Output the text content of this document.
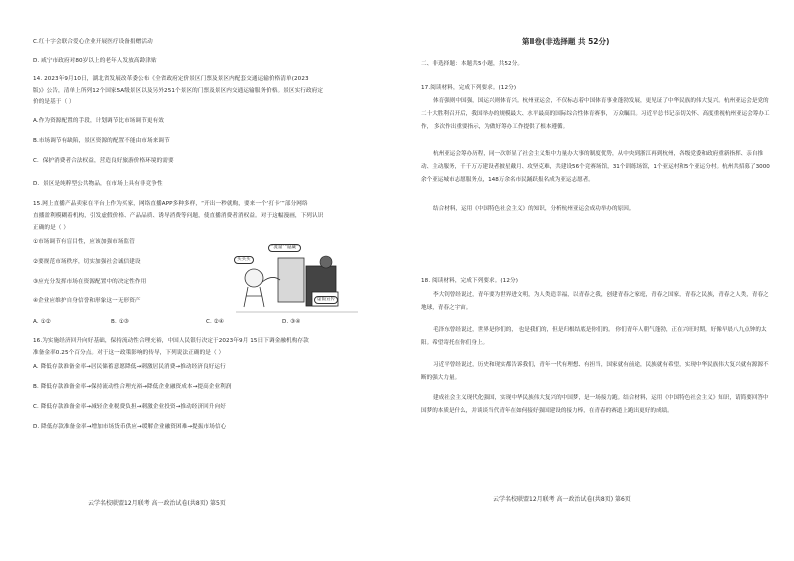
C.红十字会联合爱心企业开展医疗设备捐赠活动
D. 咸宁市政府对80岁以上的老年人发放高龄津贴
14. 2023年9月10日，湖北省发展改革委公布《全省政府定价景区门票及景区内配套交通运输价格清单(2023
版)》公告，清单上所列12个国家5A级景区以及另外251个景区的门票及景区内交通运输服务价格。景区实行政府定
价的是基于（ ）
A.作为资源配置的手段，计划调节比市场调节更有效
B.市场调节有缺陷，景区资源的配置不能由市场来调节
C．保护消费者合法权益，营造良好旅游价格环境的需要
D．景区是纯粹型公共物品，在市场上具有非竞争性
15.网上直播产品卖家在平台上作为买家，网络直播APP多种多样，“开出一秒就购，要来一个‘打卡’”部分网络
直播盈利模糊着机构，引发虚假价格、产品品质、诱导消费等问题，使直播消费者消权益。对于这幅漫画，下列认识
正确的是（ ）
①市场调节有盲目性，应该加强市场监管
②要规范市场秩序，切实加强社会诚信建设
③应充分发挥市场在资源配置中的决定性作用
④企业应维护自身信誉和形象这一无形资产
买买买
“流量”“隐藏”
虚假宣传
A. ①②	B. ①③	C. ②④	D. ③④
16.为实施经济回升向好基础，保持流动性合理充裕，中国人民银行决定于2023年9月 15日下调金融机构存款
准备金率0.25个百分点。对于这一政策影响的传导，下列说法正确的是（ ）
A. 降低存款准备金率→居民储蓄意愿降低→刺激居民消费→推动经济良好运行
B. 降低存款准备金率→保持流动性合理充裕→降低企业融资成本→提高企业利润
C. 降低存款准备金率→减轻企业税费负担→刺激企业投资→推动经济回升向好
D. 降低存款准备金率→增加市场货币供应→缓解企业融资困难→提振市场信心
云学名校联盟12月联考 高一政治试卷(共8页) 第5页
第Ⅱ卷(非选择题 共 52分)
二、非选择题：本题共5小题，共52分。
17.阅读材料，完成下列要求。(12分)
体育强则中国强，国运兴则体育兴。杭州亚运会，不仅标志着中国体育事业蓬勃发展，更见证了中华民族的伟大复兴。杭州亚运会是党的二十大胜利召开后，我国举办的规模最大、水平最高的国际综合性体育赛事， 万众瞩目。习近平总书记亲切关怀、高度重视杭州亚运会筹办工作， 多次作出重要指示，为做好筹办工作提供了根本遵循。
杭州亚运会筹办历程，同一次彰显了社会主义集中力量办大事的制度优势，从中央到浙江再到杭州，各级党委和政府重新指挥、亲自推动、主动服务，千千万万建设者披星戴月、攻坚克难，共建设56个竞赛场馆，31个训练场馆，1个亚运村和5个亚运分村。杭州共招募了3000余个亚运城市志愿服务点，148万余名市民踊跃报名成为亚运志愿者。
结合材料，运用《中国特色社会主义》的知识，分析杭州亚运会成功举办的原因。
18. 阅读材料，完成下列要求。(12分)
李大钊曾经说过，青年要为世界进文明，为人类造幸福，以青春之我，创建青春之家庭，青春之国家，青春之民族，青春之人类，青春之地球，青春之宇宙。
毛泽东曾经说过，世界是你们的， 也是我们的，但是归根结底是你们的。 你们青年人朝气蓬勃，正在兴旺时期，好像早晨八九点钟的太阳。希望寄托在你们身上。
习近平曾经说过，历史和现实都告诉我们，青年一代有理想、有担当，国家就有前途，民族就有希望，实现中华民族伟大复兴就有源源不断的强大力量。
建成社会主义现代化强国，实现中华民族伟大复兴的中国梦，是一场接力跑。结合材料，运用《中国特色社会主义》知识，请简要回答中国梦的本质是什么，并谈谈当代青年在如何接好强国建设的接力棒，在青春的赛道上跑出更好的成绩。
云学名校联盟12月联考 高一政治试卷(共8页) 第6页
